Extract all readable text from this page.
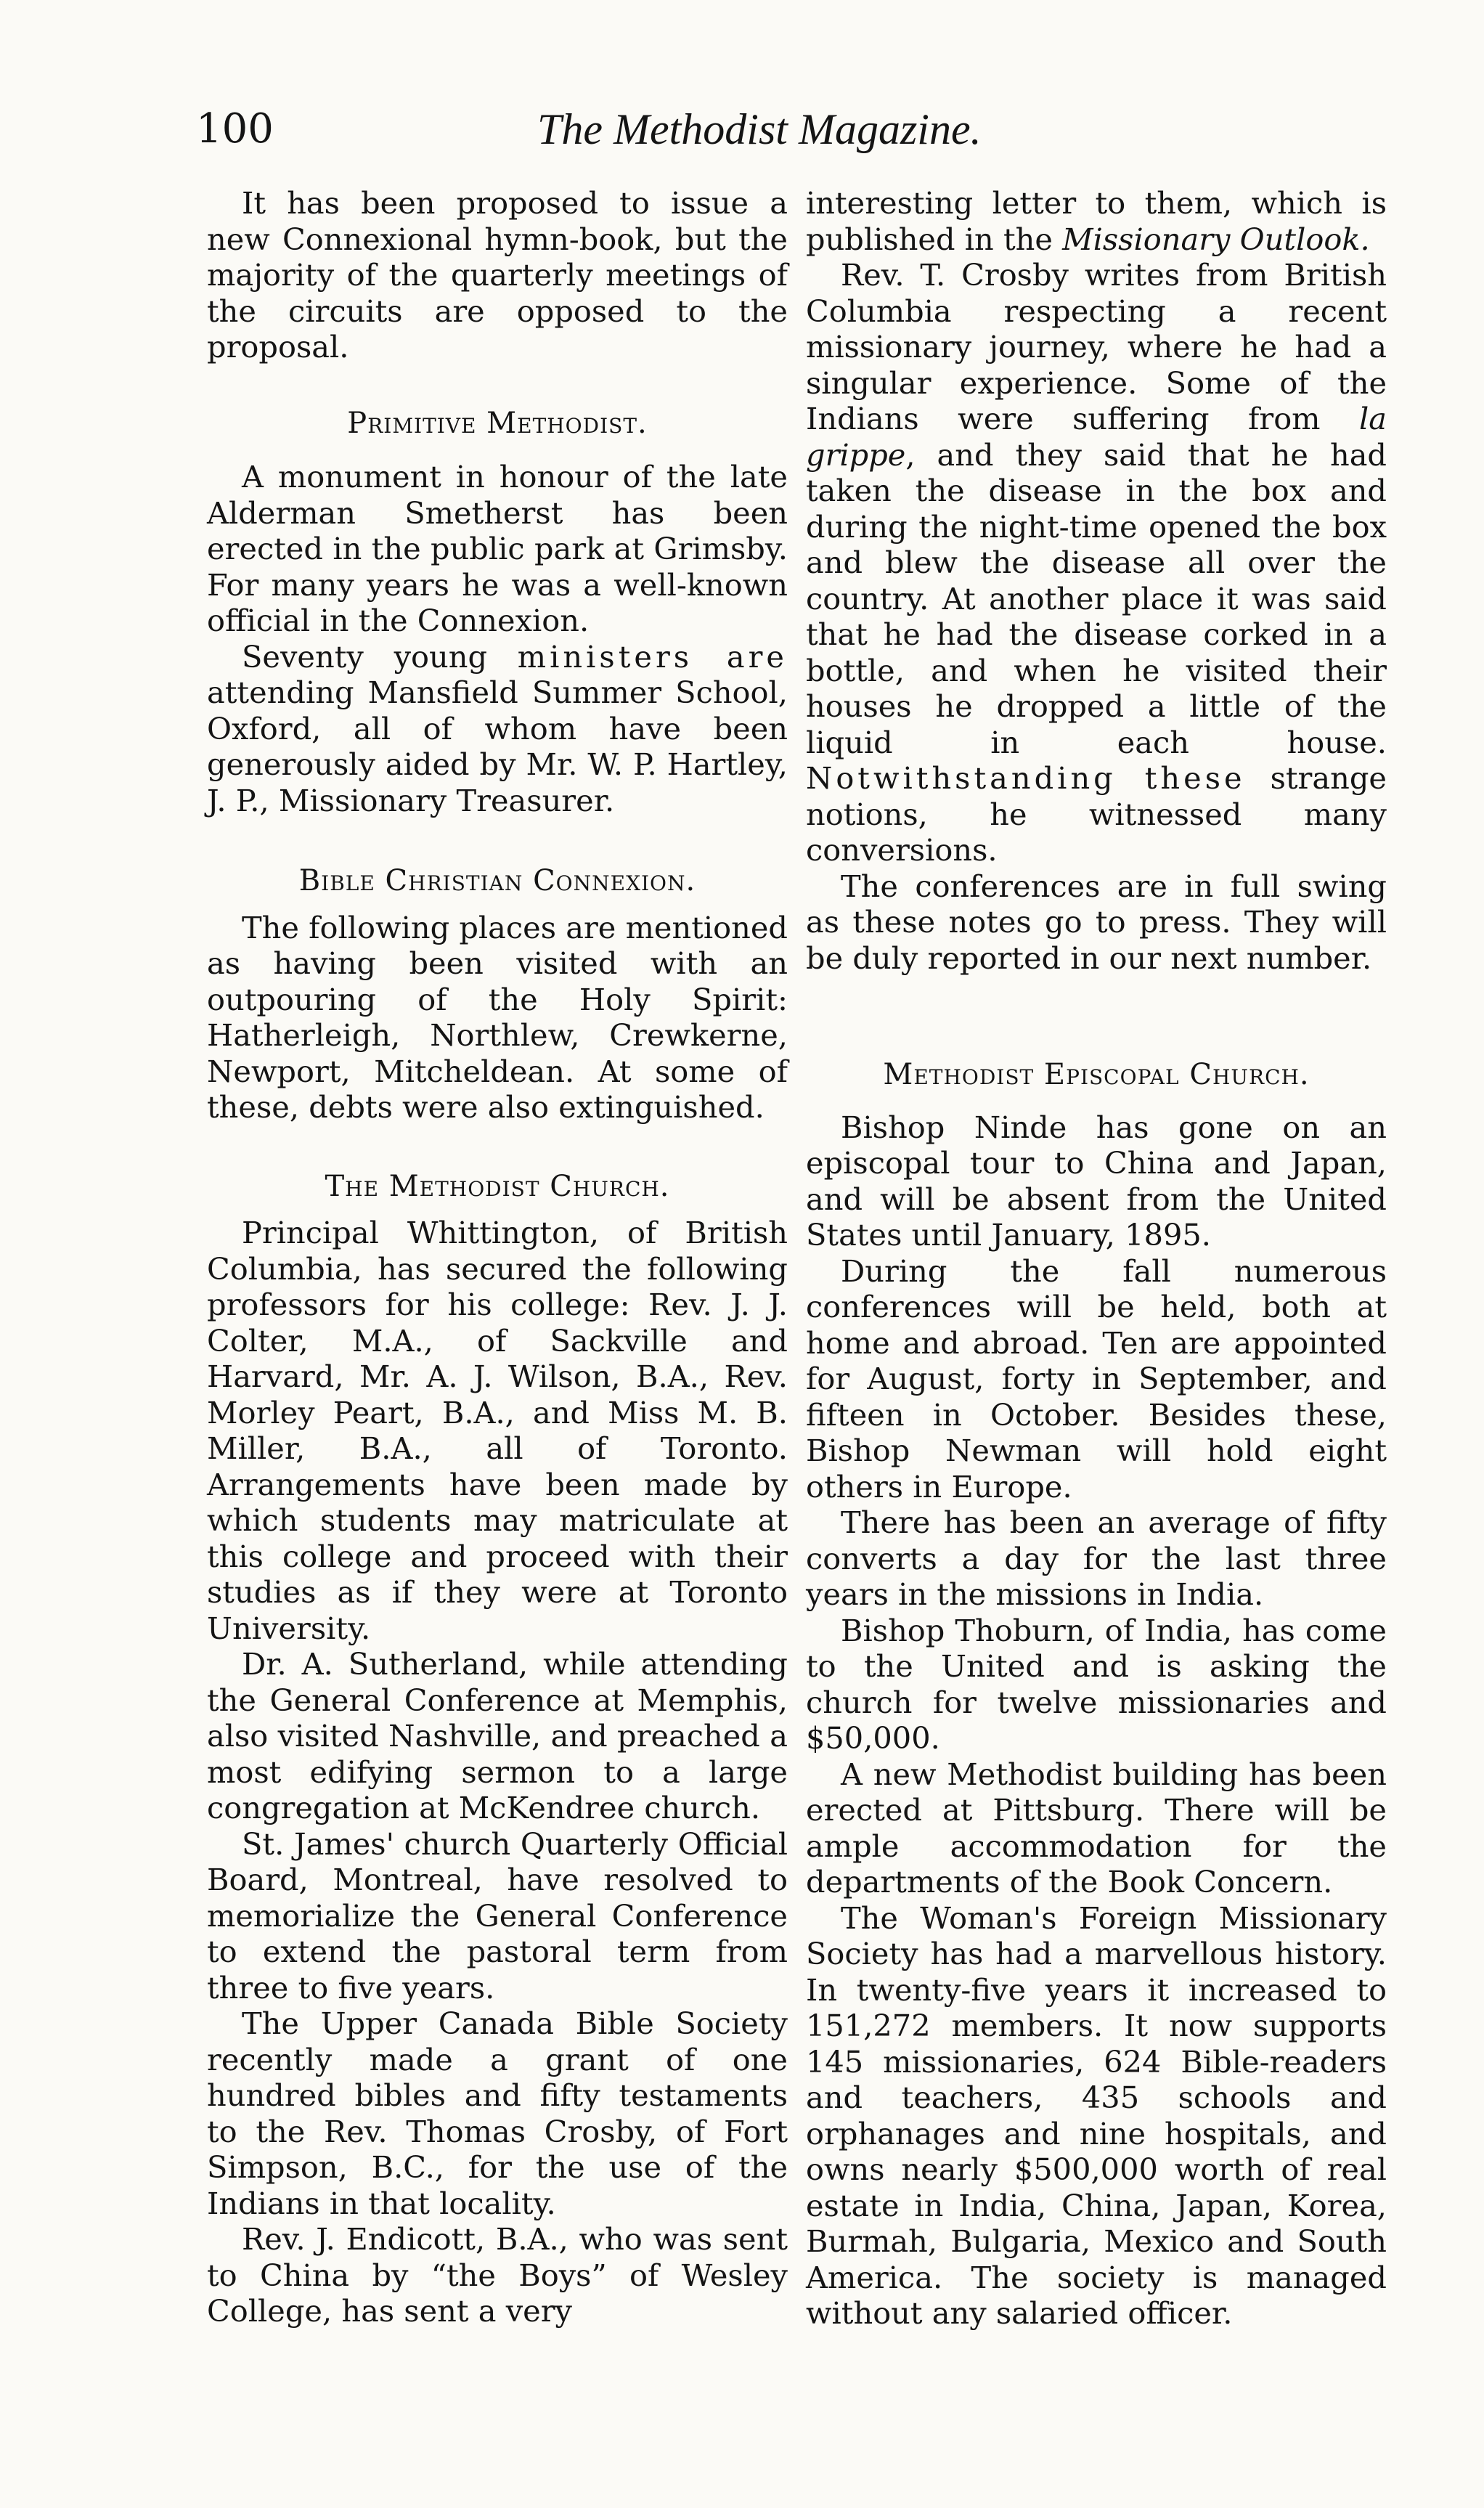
100	The Methodist Magazine.

It has been proposed to issue a new Connexional hymn-book, but the majority of the quarterly meetings of the circuits are opposed to the proposal.

Primitive Methodist.

A monument in honour of the late Alderman Smetherst has been erected in the public park at Grimsby. For many years he was a well-known official in the Connexion.

Seventy young ministers are attending Mansfield Summer School, Oxford, all of whom have been generously aided by Mr. W. P. Hartley, J. P., Missionary Treasurer.

Bible Christian Connexion.

The following places are mentioned as having been visited with an outpouring of the Holy Spirit: Hatherleigh, Northlew, Crewkerne, Newport, Mitcheldean. At some of these, debts were also extinguished.

The Methodist Church.

Principal Whittington, of British Columbia, has secured the following professors for his college: Rev. J. J. Colter, M.A., of Sackville and Harvard, Mr. A. J. Wilson, B.A., Rev. Morley Peart, B.A., and Miss M. B. Miller, B.A., all of Toronto. Arrangements have been made by which students may matriculate at this college and proceed with their studies as if they were at Toronto University.

Dr. A. Sutherland, while attending the General Conference at Memphis, also visited Nashville, and preached a most edifying sermon to a large congregation at McKendree church.

St. James' church Quarterly Official Board, Montreal, have resolved to memorialize the General Conference to extend the pastoral term from three to five years.

The Upper Canada Bible Society recently made a grant of one hundred bibles and fifty testaments to the Rev. Thomas Crosby, of Fort Simpson, B.C., for the use of the Indians in that locality.

Rev. J. Endicott, B.A., who was sent to China by “the Boys” of Wesley College, has sent a very

interesting letter to them, which is published in the Missionary Outlook.

Rev. T. Crosby writes from British Columbia respecting a recent missionary journey, where he had a singular experience. Some of the Indians were suffering from la grippe, and they said that he had taken the disease in the box and during the night-time opened the box and blew the disease all over the country. At another place it was said that he had the disease corked in a bottle, and when he visited their houses he dropped a little of the liquid in each house. Notwithstanding these strange notions, he witnessed many conversions.

The conferences are in full swing as these notes go to press. They will be duly reported in our next number.

Methodist Episcopal Church.

Bishop Ninde has gone on an episcopal tour to China and Japan, and will be absent from the United States until January, 1895.

During the fall numerous conferences will be held, both at home and abroad. Ten are appointed for August, forty in September, and fifteen in October. Besides these, Bishop Newman will hold eight others in Europe.

There has been an average of fifty converts a day for the last three years in the missions in India.

Bishop Thoburn, of India, has come to the United and is asking the church for twelve missionaries and $50,000.

A new Methodist building has been erected at Pittsburg. There will be ample accommodation for the departments of the Book Concern.

The Woman's Foreign Missionary Society has had a marvellous history. In twenty-five years it increased to 151,272 members. It now supports 145 missionaries, 624 Bible-readers and teachers, 435 schools and orphanages and nine hospitals, and owns nearly $500,000 worth of real estate in India, China, Japan, Korea, Burmah, Bulgaria, Mexico and South America. The society is managed without any salaried officer.
